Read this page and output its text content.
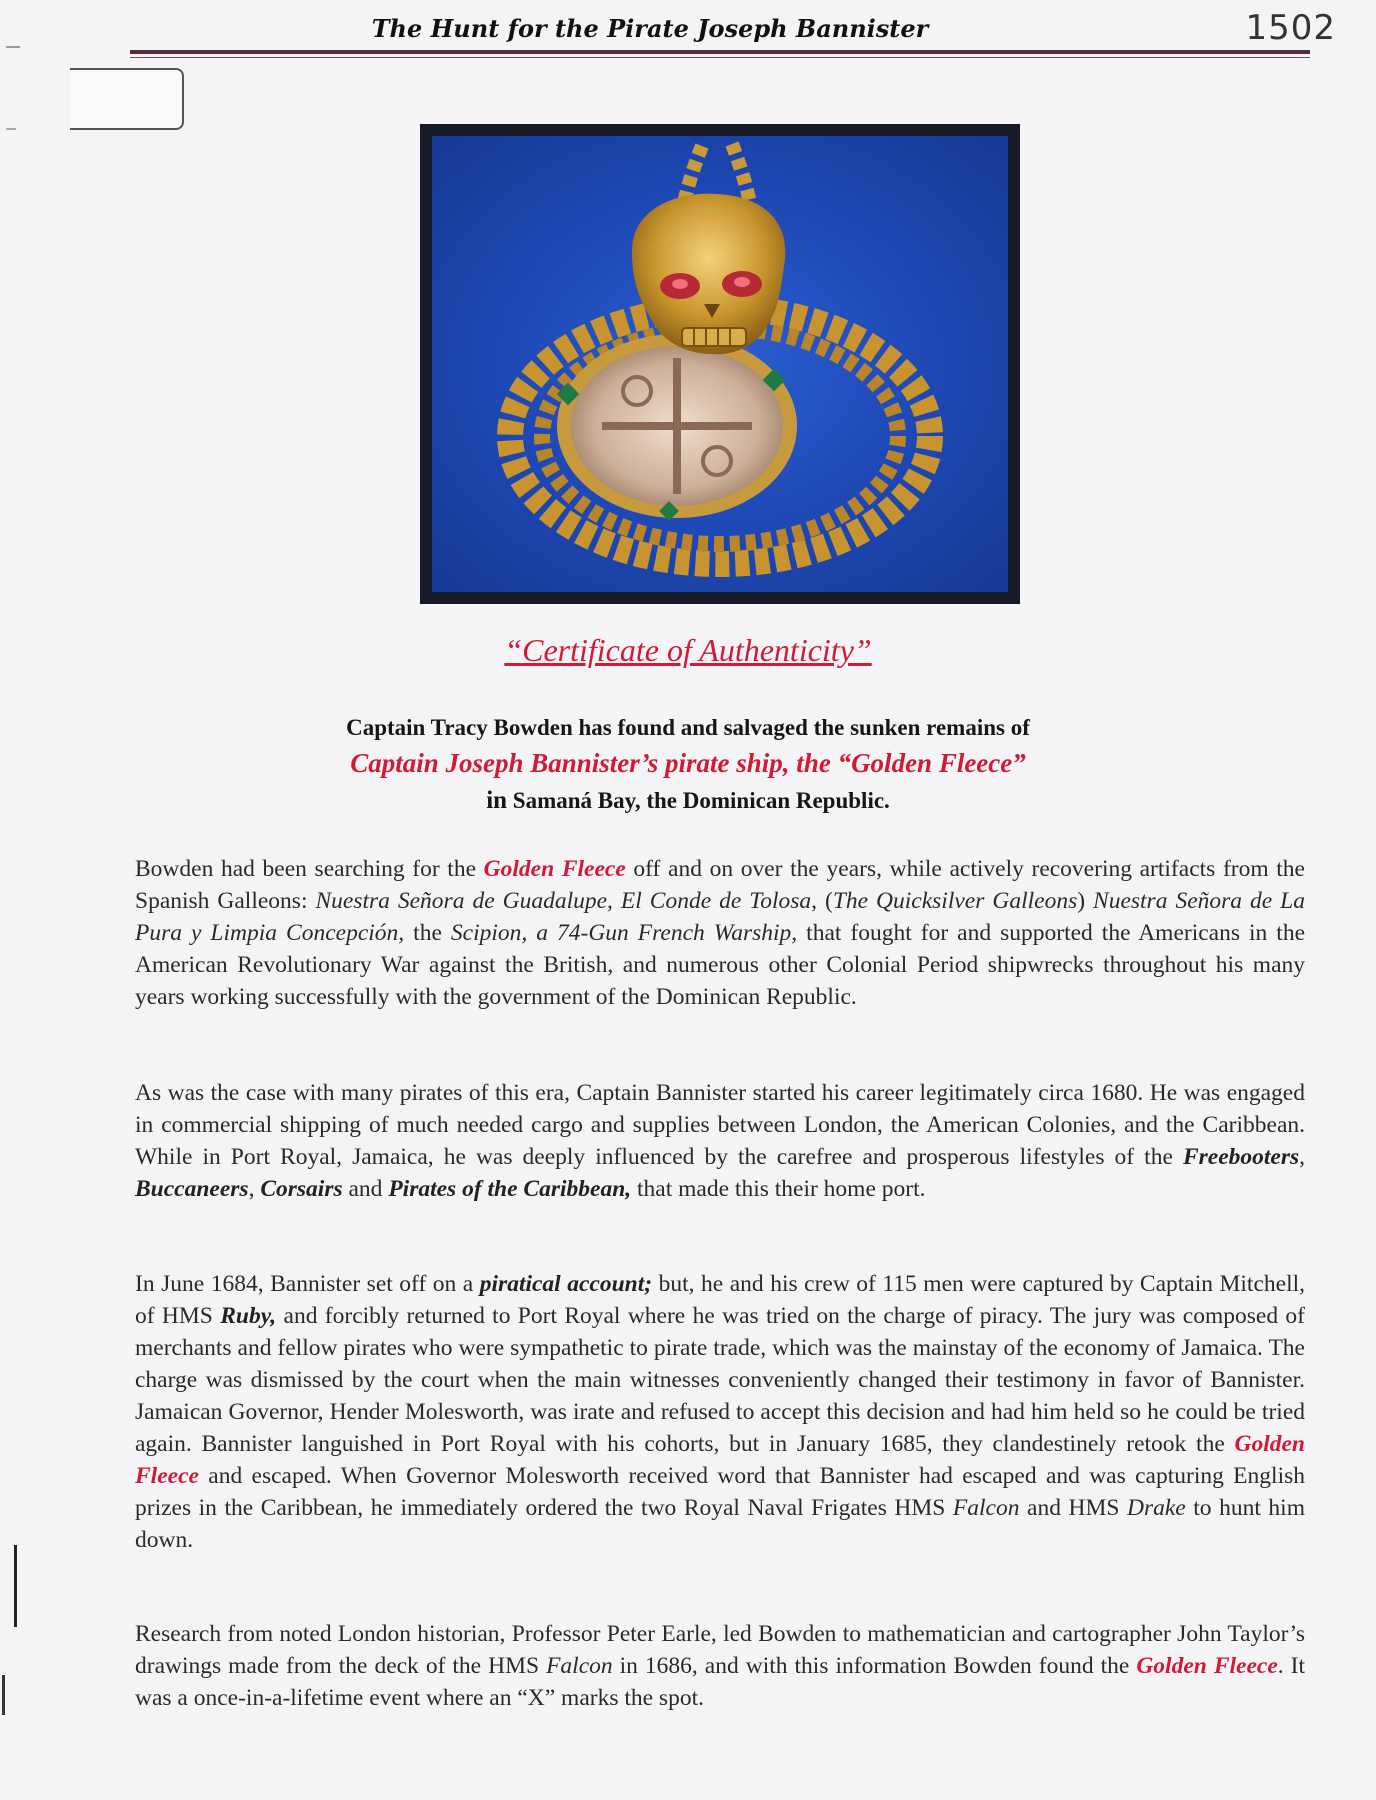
The Hunt for the Pirate Joseph Bannister	1502
“Certificate of Authenticity”
Captain Tracy Bowden has found and salvaged the sunken remains of
Captain Joseph Bannister’s pirate ship, the “Golden Fleece”
in Samaná Bay, the Dominican Republic.
Bowden had been searching for the Golden Fleece off and on over the years, while actively recovering artifacts from the Spanish Galleons: Nuestra Señora de Guadalupe, El Conde de Tolosa, (The Quicksilver Galleons) Nuestra Señora de La Pura y Limpia Concepción, the Scipion, a 74-Gun French Warship, that fought for and supported the Americans in the American Revolutionary War against the British, and numerous other Colonial Period shipwrecks throughout his many years working successfully with the government of the Dominican Republic.
As was the case with many pirates of this era, Captain Bannister started his career legitimately circa 1680. He was engaged in commercial shipping of much needed cargo and supplies between London, the American Colonies, and the Caribbean. While in Port Royal, Jamaica, he was deeply influenced by the carefree and prosperous lifestyles of the Freebooters, Buccaneers, Corsairs and Pirates of the Caribbean, that made this their home port.
In June 1684, Bannister set off on a piratical account; but, he and his crew of 115 men were captured by Captain Mitchell, of HMS Ruby, and forcibly returned to Port Royal where he was tried on the charge of piracy. The jury was composed of merchants and fellow pirates who were sympathetic to pirate trade, which was the mainstay of the economy of Jamaica. The charge was dismissed by the court when the main witnesses conveniently changed their testimony in favor of Bannister. Jamaican Governor, Hender Molesworth, was irate and refused to accept this decision and had him held so he could be tried again. Bannister languished in Port Royal with his cohorts, but in January 1685, they clandestinely retook the Golden Fleece and escaped. When Governor Molesworth received word that Bannister had escaped and was capturing English prizes in the Caribbean, he immediately ordered the two Royal Naval Frigates HMS Falcon and HMS Drake to hunt him down.
Research from noted London historian, Professor Peter Earle, led Bowden to mathematician and cartographer John Taylor’s drawings made from the deck of the HMS Falcon in 1686, and with this information Bowden found the Golden Fleece. It was a once-in-a-lifetime event where an “X” marks the spot.
